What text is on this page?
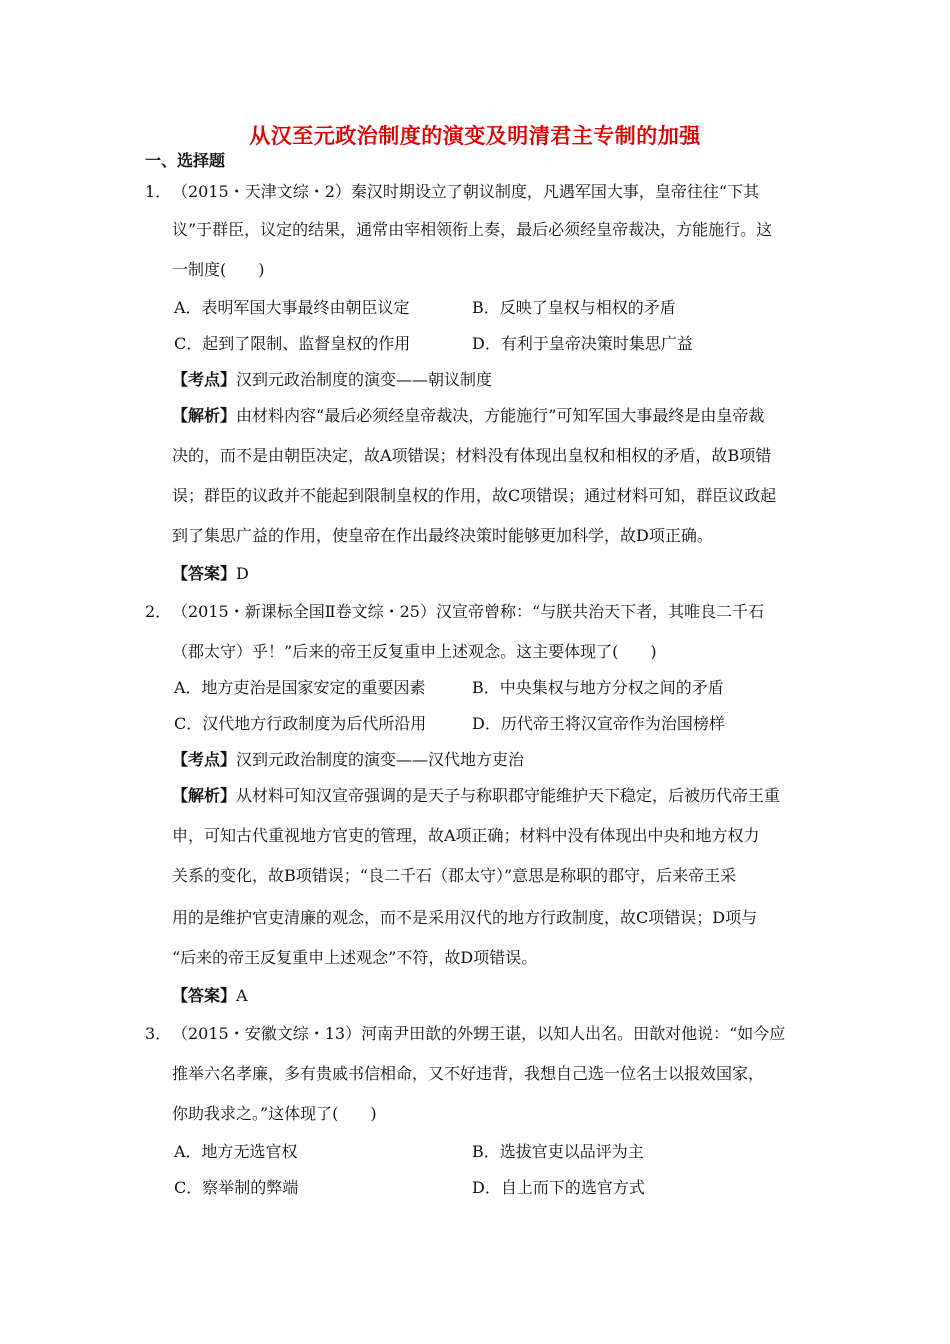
从汉至元政治制度的演变及明清君主专制的加强
一、选择题
1． （2015・天津文综・2）秦汉时期设立了朝议制度，凡遇军国大事，皇帝往往“下其
议”于群臣，议定的结果，通常由宰相领衔上奏，最后必须经皇帝裁决，方能施行。这
一制度(　　)
A．表明军国大事最终由朝臣议定	B．反映了皇权与相权的矛盾
C．起到了限制、监督皇权的作用	D．有利于皇帝决策时集思广益
【考点】汉到元政治制度的演变——朝议制度
【解析】由材料内容“最后必须经皇帝裁决，方能施行”可知军国大事最终是由皇帝裁
决的，而不是由朝臣决定，故A项错误；材料没有体现出皇权和相权的矛盾，故B项错
误；群臣的议政并不能起到限制皇权的作用，故C项错误；通过材料可知，群臣议政起
到了集思广益的作用，使皇帝在作出最终决策时能够更加科学，故D项正确。
【答案】D
2． （2015・新课标全国Ⅱ卷文综・25）汉宣帝曾称：“与朕共治天下者，其唯良二千石
（郡太守）乎！”后来的帝王反复重申上述观念。这主要体现了(　　)
A．地方吏治是国家安定的重要因素	B．中央集权与地方分权之间的矛盾
C．汉代地方行政制度为后代所沿用	D．历代帝王将汉宣帝作为治国榜样
【考点】汉到元政治制度的演变——汉代地方吏治
【解析】从材料可知汉宣帝强调的是天子与称职郡守能维护天下稳定，后被历代帝王重
申，可知古代重视地方官吏的管理，故A项正确；材料中没有体现出中央和地方权力
关系的变化，故B项错误；“良二千石（郡太守）”意思是称职的郡守，后来帝王采
用的是维护官吏清廉的观念，而不是采用汉代的地方行政制度，故C项错误；D项与
“后来的帝王反复重申上述观念”不符，故D项错误。
【答案】A
3． （2015・安徽文综・13）河南尹田歆的外甥王谌，以知人出名。田歆对他说：“如今应
推举六名孝廉，多有贵戚书信相命，又不好违背，我想自己选一位名士以报效国家，
你助我求之。”这体现了(　　)
A．地方无选官权	B．选拔官吏以品评为主
C．察举制的弊端	D．自上而下的选官方式
